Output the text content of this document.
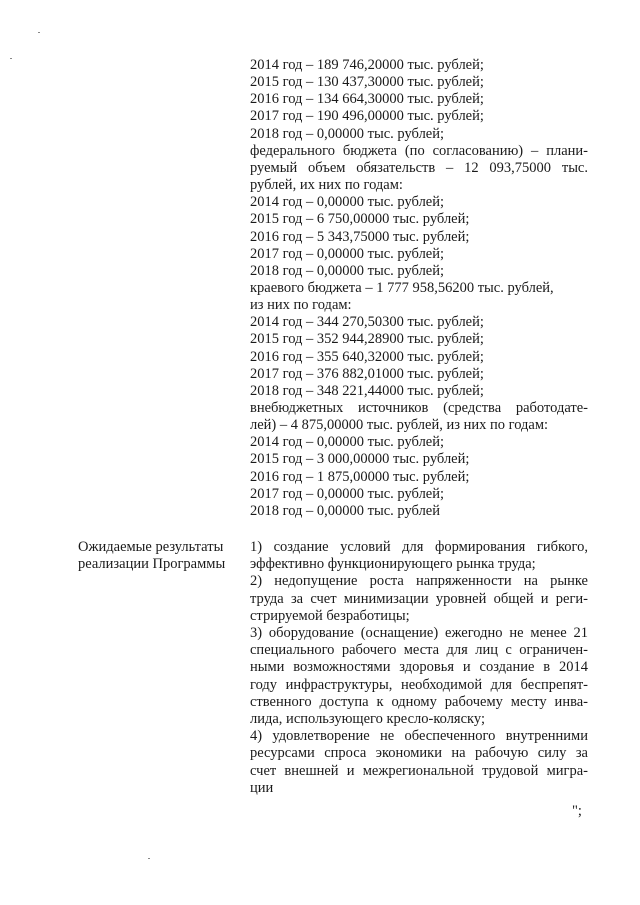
2014 год – 189 746,20000 тыс. рублей;
2015 год – 130 437,30000 тыс. рублей;
2016 год – 134 664,30000 тыс. рублей;
2017 год – 190 496,00000 тыс. рублей;
2018 год – 0,00000 тыс. рублей;
федерального бюджета (по согласованию) – плани-
руемый объем обязательств – 12 093,75000 тыс.
рублей, их них по годам:
2014 год – 0,00000 тыс. рублей;
2015 год – 6 750,00000 тыс. рублей;
2016 год – 5 343,75000 тыс. рублей;
2017 год – 0,00000 тыс. рублей;
2018 год – 0,00000 тыс. рублей;
краевого бюджета – 1 777 958,56200 тыс. рублей,
из них по годам:
2014 год – 344 270,50300 тыс. рублей;
2015 год – 352 944,28900 тыс. рублей;
2016 год – 355 640,32000 тыс. рублей;
2017 год – 376 882,01000 тыс. рублей;
2018 год – 348 221,44000 тыс. рублей;
внебюджетных источников (средства работодате-
лей) – 4 875,00000 тыс. рублей, из них по годам:
2014 год – 0,00000 тыс. рублей;
2015 год – 3 000,00000 тыс. рублей;
2016 год – 1 875,00000 тыс. рублей;
2017 год – 0,00000 тыс. рублей;
2018 год – 0,00000 тыс. рублей
Ожидаемые результаты
реализации Программы
1) создание условий для формирования гибкого,
эффективно функционирующего рынка труда;
2) недопущение роста напряженности на рынке
труда за счет минимизации уровней общей и реги-
стрируемой безработицы;
3) оборудование (оснащение) ежегодно не менее 21
специального рабочего места для лиц с ограничен-
ными возможностями здоровья и создание в 2014
году инфраструктуры, необходимой для беспрепят-
ственного доступа к одному рабочему месту инва-
лида, использующего кресло-коляску;
4) удовлетворение не обеспеченного внутренними
ресурсами спроса экономики на рабочую силу за
счет внешней и межрегиональной трудовой мигра-
ции
";
